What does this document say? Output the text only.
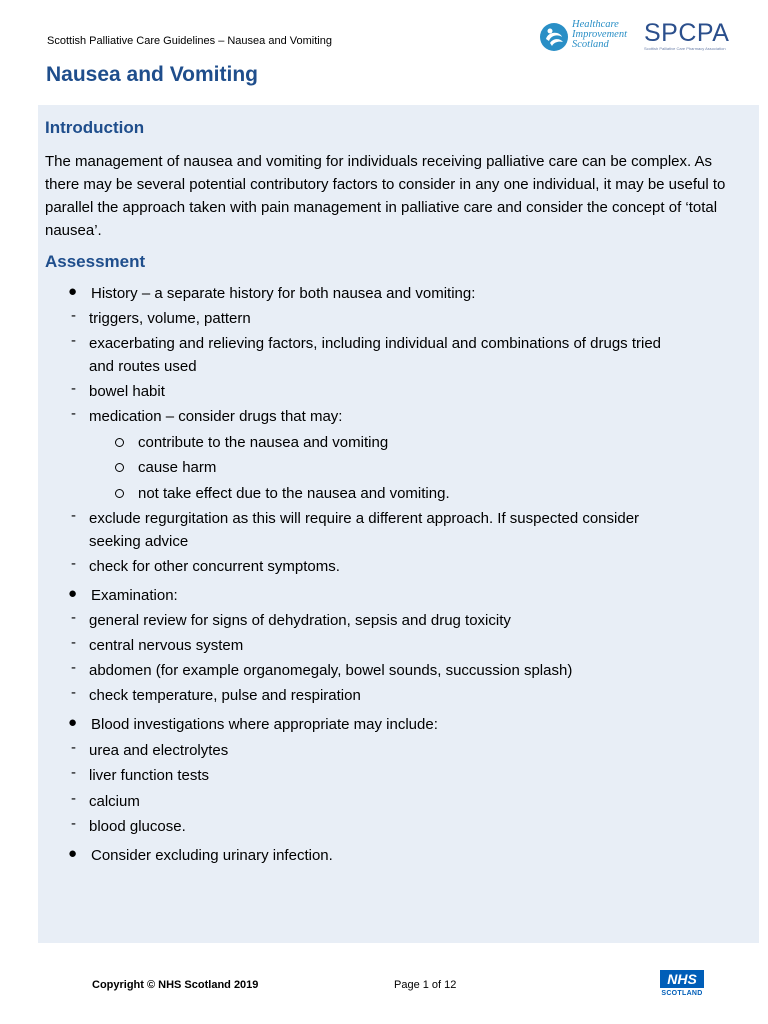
Scottish Palliative Care Guidelines – Nausea and Vomiting
Healthcare
Improvement
Scotland	SPCPA
Scottish Palliative Care Pharmacy Association
Nausea and Vomiting
Introduction
The management of nausea and vomiting for individuals receiving palliative care can be complex. As there may be several potential contributory factors to consider in any one individual, it may be useful to parallel the approach taken with pain management in palliative care and consider the concept of ‘total nausea’.
Assessment
● History – a separate history for both nausea and vomiting:
- triggers, volume, pattern
- exacerbating and relieving factors, including individual and combinations of drugs tried
and routes used
- bowel habit
- medication – consider drugs that may:
contribute to the nausea and vomiting
cause harm
not take effect due to the nausea and vomiting.
- exclude regurgitation as this will require a different approach. If suspected consider
seeking advice
- check for other concurrent symptoms.
● Examination:
- general review for signs of dehydration, sepsis and drug toxicity
- central nervous system
- abdomen (for example organomegaly, bowel sounds, succussion splash)
- check temperature, pulse and respiration
● Blood investigations where appropriate may include:
- urea and electrolytes
- liver function tests
- calcium
- blood glucose.
● Consider excluding urinary infection.
Copyright © NHS Scotland 2019	Page 1 of 12	NHS
SCOTLAND
